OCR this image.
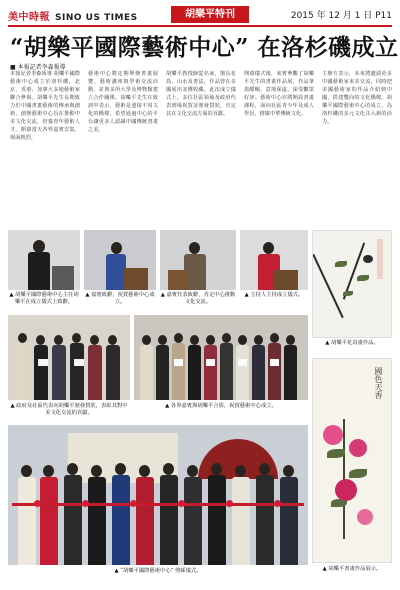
美中時報 SINO US TIMES	胡樂平特刊	2015 年 12 月 1 日 P11
“胡樂平國際藝術中心” 在洛杉磯成立
■ 本報記者李森報導
本報記者李森報導 胡樂平國際藝術中心成立於洛杉磯，北京、香港、加拿大多地藝術家聯合參與。胡樂平先生長期致力於中國書畫藝術的傳承與創新，創辦藝術中心旨在推動中美文化交流，培養青年藝術人才。開幕當天各界嘉賓雲集，場面熱烈。
藝術中心將定期舉辦書畫展覽、藝術講座與學術交流活動，並與多所大學及博物館建立合作關係。胡樂平先生在致詞中表示，藝術是連接不同文化的橋樑，希望通過中心的平台讓更多人認識中國傳統書畫之美。
胡樂平教授師從名家，擅長花鳥、山水及書法，作品曾在多國展出並獲收藏。此次成立儀式上，多位社區領袖及政府代表到場祝賀並頒發賀狀，肯定其在文化交流方面的貢獻。
開幕儀式後，來賓參觀了胡樂平先生的書畫作品展，作品筆墨酣暢，意境深遠，深受觀眾好評。藝術中心亦將開設書畫課程，面向社區青少年及成人學員，推廣中華傳統文化。
主辦方表示，未來將邀請更多中國藝術家來美交流，同時把美國藝術家的作品介紹到中國，搭建雙向的文化橋樑。胡樂平國際藝術中心的成立，為洛杉磯的多元文化注入新的活力。
▲ 胡樂平國際藝術中心主任胡樂平在成立儀式上致辭。
▲ 嘉賓致辭，祝賀藝術中心成立。
▲ 嘉賓代表致辭，肯定中心推動文化交流。
▲ 主持人主持成立儀式。
▲ 胡樂平花鳥畫作品。
▲ 政府及社區代表向胡樂平頒發賀狀，表彰其對中美文化交流的貢獻。
▲ 各界嘉賓與胡樂平合影，祝賀藝術中心成立。
▲ “胡樂平國際藝術中心” 剪綵儀式。
國色天香
▲ 胡樂平書畫作品展示。
